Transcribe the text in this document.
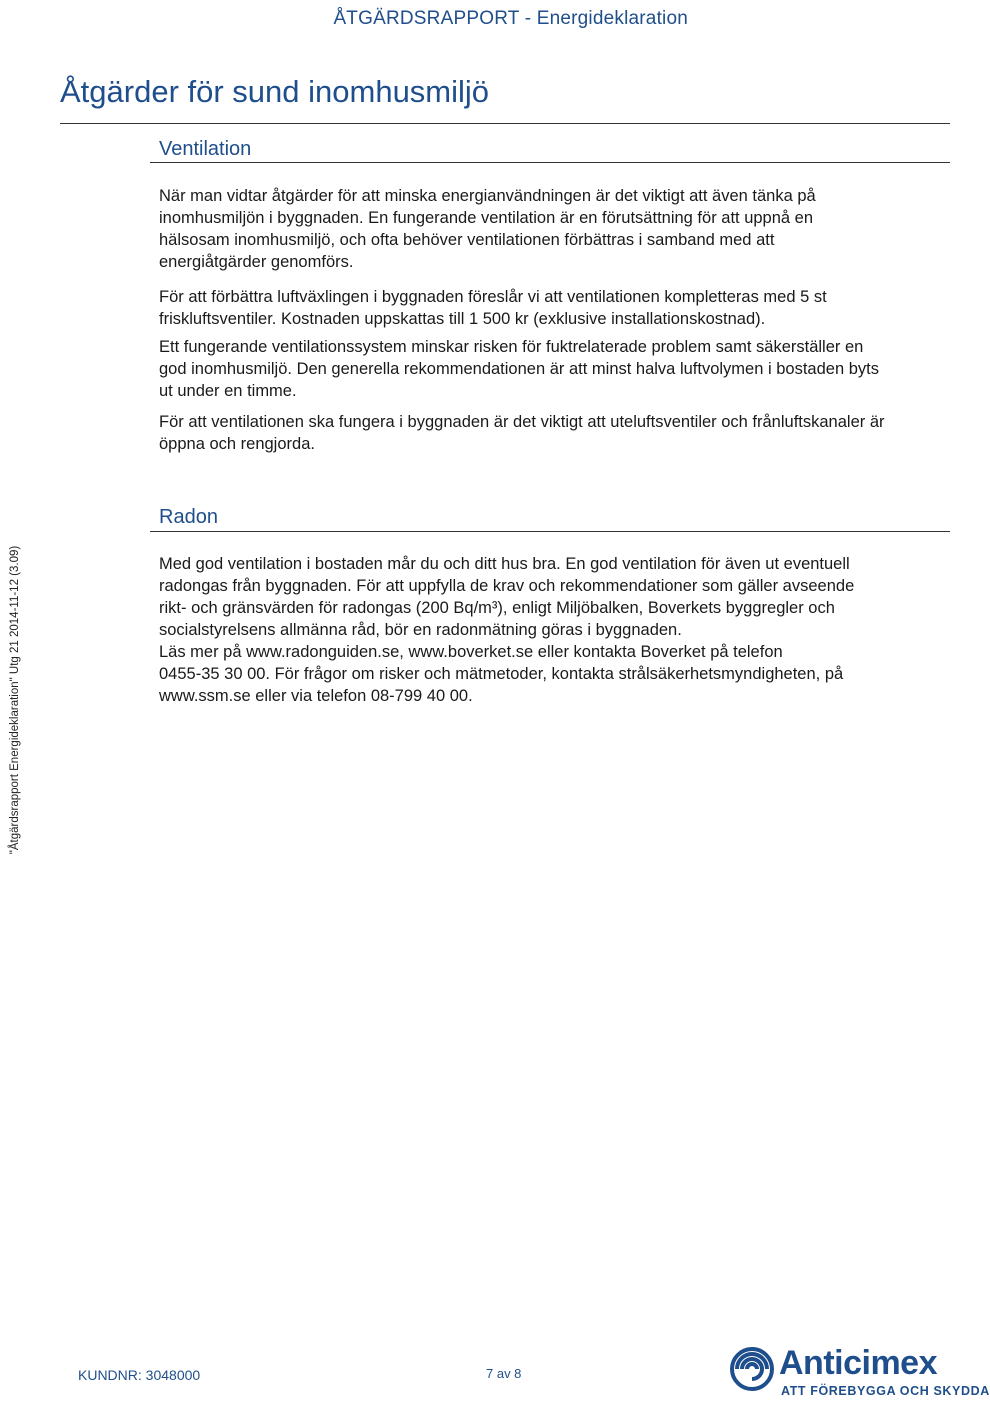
ÅTGÄRDSRAPPORT - Energideklaration
Åtgärder för sund inomhusmiljö
Ventilation

När man vidtar åtgärder för att minska energianvändningen är det viktigt att även tänka på
inomhusmiljön i byggnaden. En fungerande ventilation är en förutsättning för att uppnå en
hälsosam inomhusmiljö, och ofta behöver ventilationen förbättras i samband med att
energiåtgärder genomförs.

För att förbättra luftväxlingen i byggnaden föreslår vi att ventilationen kompletteras med 5 st
friskluftsventiler. Kostnaden uppskattas till 1 500 kr (exklusive installationskostnad).

Ett fungerande ventilationssystem minskar risken för fuktrelaterade problem samt säkerställer en
god inomhusmiljö. Den generella rekommendationen är att minst halva luftvolymen i bostaden byts
ut under en timme.

För att ventilationen ska fungera i byggnaden är det viktigt att uteluftsventiler och frånluftskanaler är
öppna och rengjorda.

Radon

Med god ventilation i bostaden mår du och ditt hus bra. En god ventilation för även ut eventuell
radongas från byggnaden. För att uppfylla de krav och rekommendationer som gäller avseende
rikt- och gränsvärden för radongas (200 Bq/m³), enligt Miljöbalken, Boverkets byggregler och
socialstyrelsens allmänna råd, bör en radonmätning göras i byggnaden.
Läs mer på www.radonguiden.se, www.boverket.se eller kontakta Boverket på telefon
0455-35 30 00. För frågor om risker och mätmetoder, kontakta strålsäkerhetsmyndigheten, på
www.ssm.se eller via telefon 08-799 40 00.

"Åtgärdsrapport Energideklaration" Utg 21 2014-11-12 (3.09)
KUNDNR: 3048000	7 av 8	Anticimex
ATT FÖREBYGGA OCH SKYDDA
